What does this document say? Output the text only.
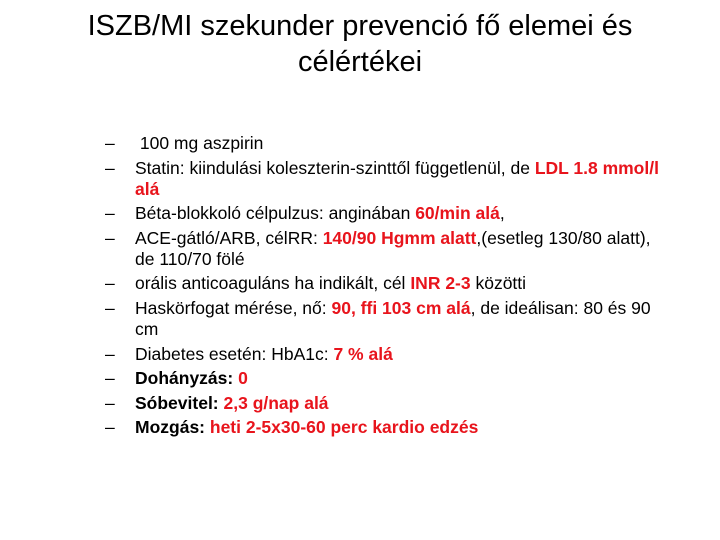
ISZB/MI szekunder prevenció fő elemei és
célértékei
– 100 mg aszpirin
– Statin: kiindulási koleszterin-szinttől függetlenül, de LDL 1.8 mmol/l alá
– Béta-blokkoló célpulzus: anginában 60/min alá,
– ACE-gátló/ARB, célRR: 140/90 Hgmm alatt,(esetleg 130/80 alatt), de 110/70 fölé
– orális anticoaguláns ha indikált, cél INR 2-3 közötti
– Haskörfogat mérése, nő: 90, ffi 103 cm alá, de ideálisan: 80 és 90 cm
– Diabetes esetén: HbA1c: 7 % alá
– Dohányzás: 0
– Sóbevitel: 2,3 g/nap alá
– Mozgás: heti 2-5x30-60 perc kardio edzés
